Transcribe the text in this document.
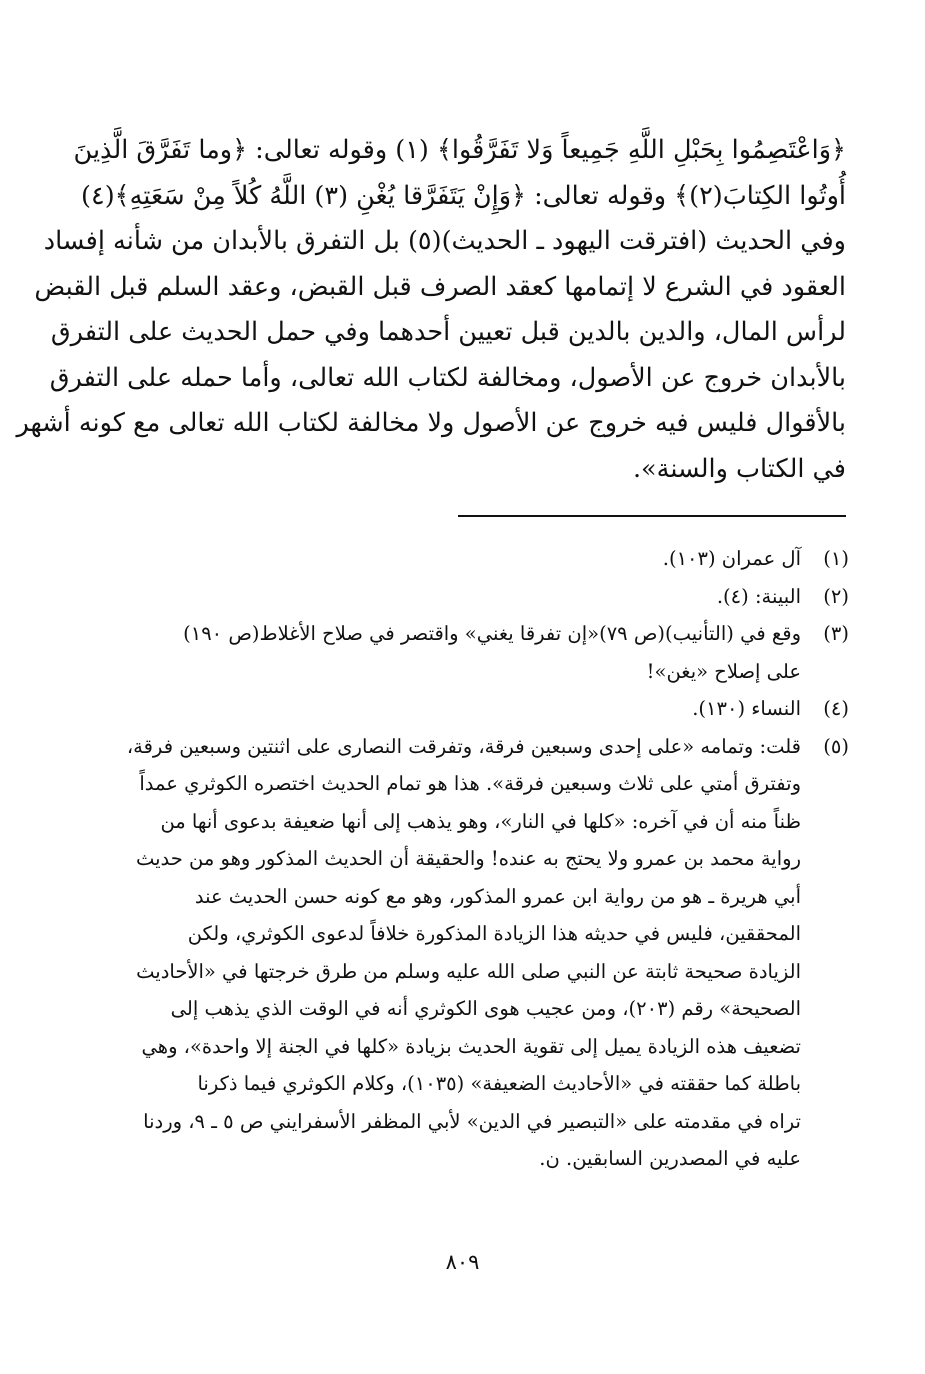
﴿وَاعْتَصِمُوا بِحَبْلِ اللَّهِ جَمِيعاً وَلا تَفَرَّقُوا﴾ (١) وقوله تعالى: ﴿وما تَفَرَّقَ الَّذِينَ
أُوتُوا الكِتابَ(٢)﴾ وقوله تعالى: ﴿وَإِنْ يَتَفَرَّقا يُغْنِ (٣) اللَّهُ كُلاً مِنْ سَعَتِهِ﴾(٤)
وفي الحديث (افترقت اليهود ـ الحديث)(٥) بل التفرق بالأبدان من شأنه إفساد
العقود في الشرع لا إتمامها كعقد الصرف قبل القبض، وعقد السلم قبل القبض
لرأس المال، والدين بالدين قبل تعيين أحدهما وفي حمل الحديث على التفرق
بالأبدان خروج عن الأصول، ومخالفة لكتاب الله تعالى، وأما حمله على التفرق
بالأقوال فليس فيه خروج عن الأصول ولا مخالفة لكتاب الله تعالى مع كونه أشهر
في الكتاب والسنة».
(١)
آل عمران (١٠٣).
(٢)
البينة: (٤).
(٣)
وقع في (التأنيب)(ص ٧٩)«إن تفرقا يغني» واقتصر في صلاح الأغلاط(ص ١٩٠)
على إصلاح «يغن»!
(٤)
النساء (١٣٠).
(٥)
قلت: وتمامه «على إحدى وسبعين فرقة، وتفرقت النصارى على اثنتين وسبعين فرقة،
وتفترق أمتي على ثلاث وسبعين فرقة». هذا هو تمام الحديث اختصره الكوثري عمداً
ظناً منه أن في آخره: «كلها في النار»، وهو يذهب إلى أنها ضعيفة بدعوى أنها من
رواية محمد بن عمرو ولا يحتج به عنده! والحقيقة أن الحديث المذكور وهو من حديث
أبي هريرة ـ هو من رواية ابن عمرو المذكور، وهو مع كونه حسن الحديث عند
المحققين، فليس في حديثه هذا الزيادة المذكورة خلافاً لدعوى الكوثري، ولكن
الزيادة صحيحة ثابتة عن النبي صلى الله عليه وسلم من طرق خرجتها في «الأحاديث
الصحيحة» رقم (٢٠٣)، ومن عجيب هوى الكوثري أنه في الوقت الذي يذهب إلى
تضعيف هذه الزيادة يميل إلى تقوية الحديث بزيادة «كلها في الجنة إلا واحدة»، وهي
باطلة كما حققته في «الأحاديث الضعيفة» (١٠٣٥)، وكلام الكوثري فيما ذكرنا
تراه في مقدمته على «التبصير في الدين» لأبي المظفر الأسفرايني ص ٥ ـ ٩، وردنا
عليه في المصدرين السابقين. ن.
٨٠٩
